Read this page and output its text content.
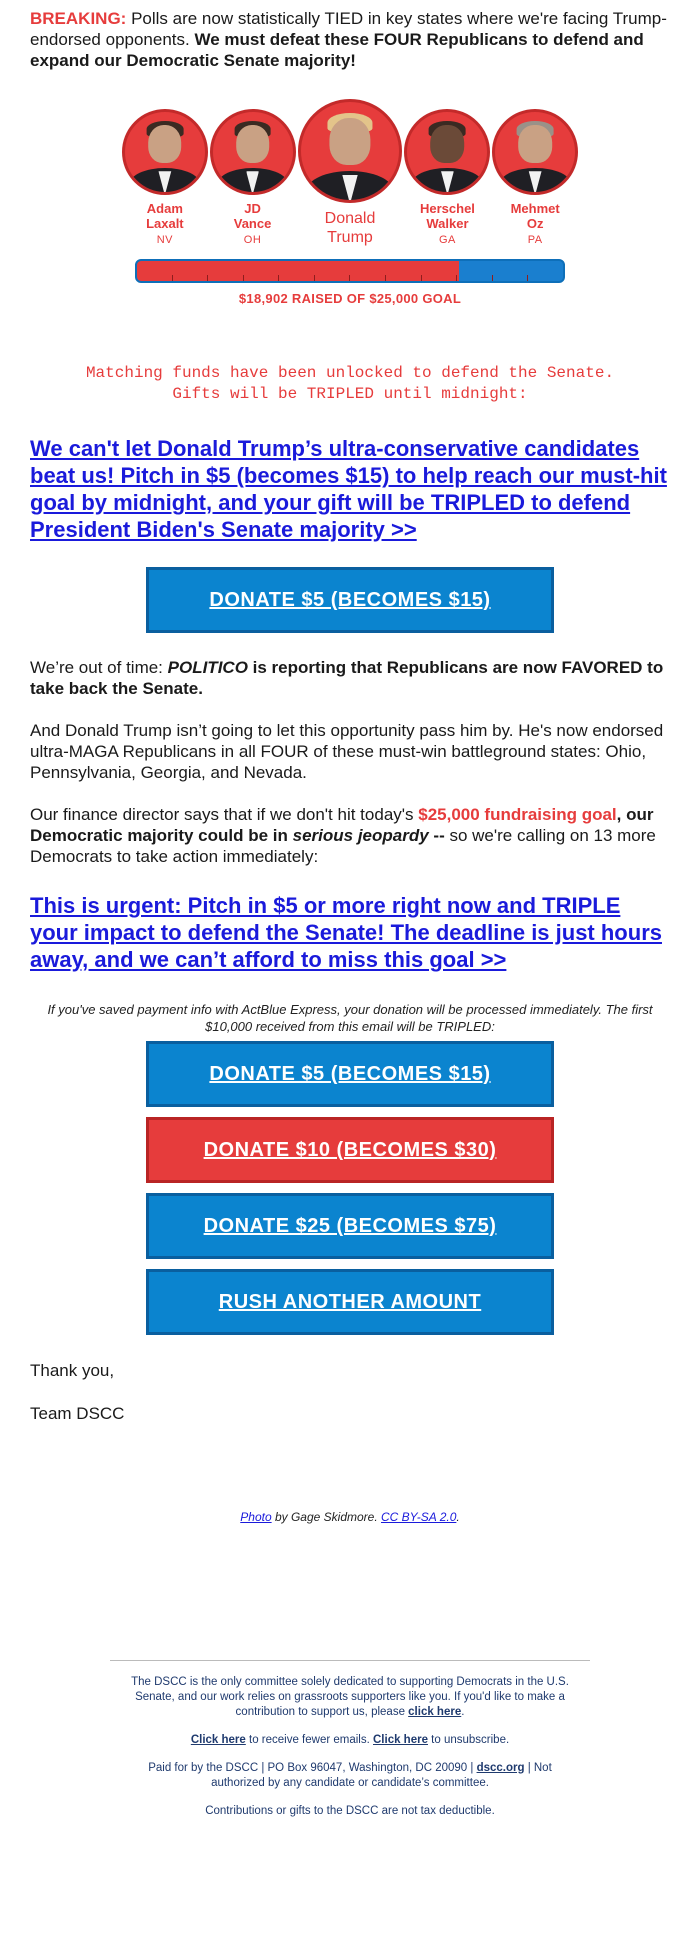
BREAKING: Polls are now statistically TIED in key states where we're facing Trump-endorsed opponents. We must defeat these FOUR Republicans to defend and expand our Democratic Senate majority!

Adam
Laxalt
NV
JD
Vance
OH
Donald
Trump
Herschel
Walker
GA
Mehmet
Oz
PA
$18,902 RAISED OF $25,000 GOAL

Matching funds have been unlocked to defend the Senate.
Gifts will be TRIPLED until midnight:

We can't let Donald Trump’s ultra-conservative candidates beat us! Pitch in $5 (becomes $15) to help reach our must-hit goal by midnight, and your gift will be TRIPLED to defend President Biden's Senate majority >>
DONATE $5 (BECOMES $15)

We’re out of time: POLITICO is reporting that Republicans are now FAVORED to take back the Senate.

And Donald Trump isn’t going to let this opportunity pass him by. He's now endorsed ultra-MAGA Republicans in all FOUR of these must-win battleground states: Ohio, Pennsylvania, Georgia, and Nevada.

Our finance director says that if we don't hit today's $25,000 fundraising goal, our Democratic majority could be in serious jeopardy -- so we're calling on 13 more Democrats to take action immediately:

This is urgent: Pitch in $5 or more right now and TRIPLE your impact to defend the Senate! The deadline is just hours away, and we can’t afford to miss this goal >>

If you've saved payment info with ActBlue Express, your donation will be processed immediately. The first $10,000 received from this email will be TRIPLED:

DONATE $5 (BECOMES $15)
DONATE $10 (BECOMES $30)
DONATE $25 (BECOMES $75)
RUSH ANOTHER AMOUNT

Thank you,

Team DSCC

Photo by Gage Skidmore. CC BY-SA 2.0.

The DSCC is the only committee solely dedicated to supporting Democrats in the U.S. Senate, and our work relies on grassroots supporters like you. If you'd like to make a contribution to support us, please click here.

Click here to receive fewer emails. Click here to unsubscribe.

Paid for by the DSCC | PO Box 96047, Washington, DC 20090 | dscc.org | Not authorized by any candidate or candidate’s committee.

Contributions or gifts to the DSCC are not tax deductible.
